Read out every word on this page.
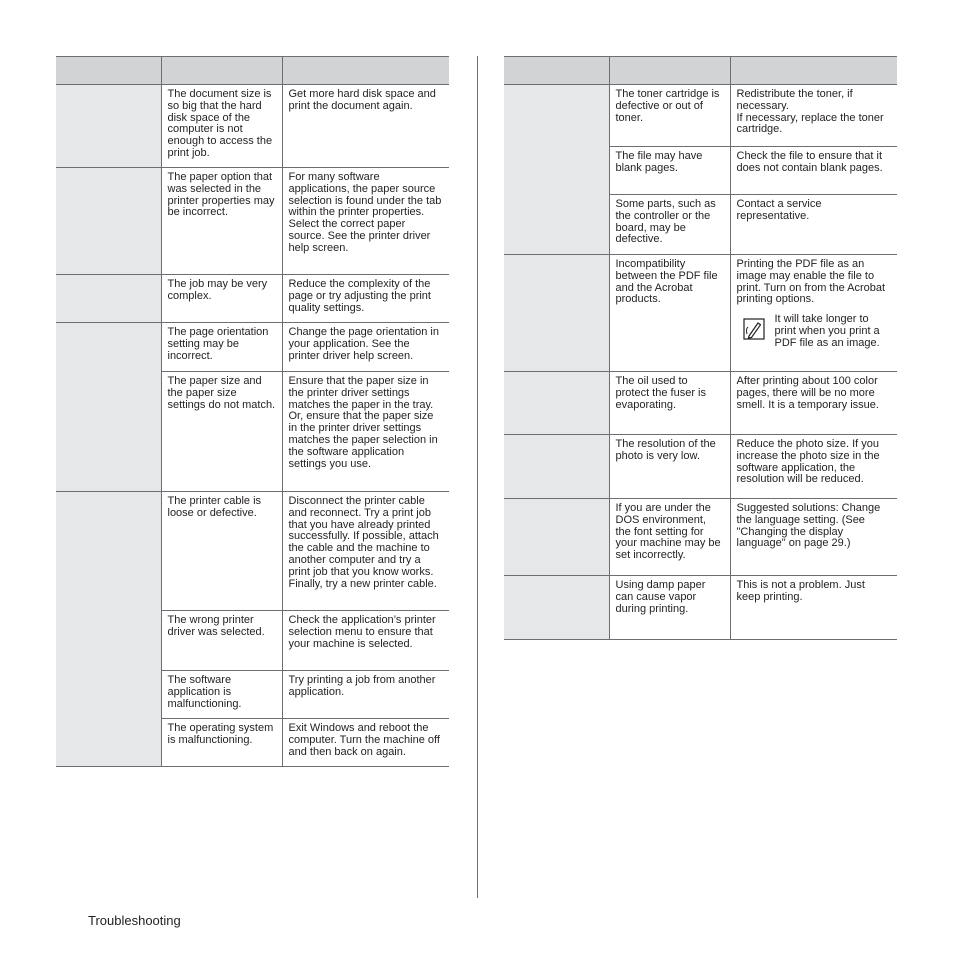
	The document size is so big that the hard disk space of the computer is not enough to access the print job.	Get more hard disk space and print the document again.
	The paper option that was selected in the printer properties may be incorrect.	For many software applications, the paper source selection is found under the tab within the printer properties. Select the correct paper source. See the printer driver help screen.
	The job may be very complex.	Reduce the complexity of the page or try adjusting the print quality settings.
	The page orientation setting may be incorrect.	Change the page orientation in your application. See the printer driver help screen.
	The paper size and the paper size settings do not match.	Ensure that the paper size in the printer driver settings matches the paper in the tray.
Or, ensure that the paper size in the printer driver settings matches the paper selection in the software application settings you use.

	The printer cable is loose or defective.	Disconnect the printer cable and reconnect. Try a print job that you have already printed successfully. If possible, attach the cable and the machine to another computer and try a print job that you know works. Finally, try a new printer cable.
	The wrong printer driver was selected.	Check the application’s printer selection menu to ensure that your machine is selected.
	The software application is malfunctioning.	Try printing a job from another application.
	The operating system is malfunctioning.	Exit Windows and reboot the computer. Turn the machine off and then back on again.

	The toner cartridge is defective or out of toner.	Redistribute the toner, if necessary.
If necessary, replace the toner cartridge.

	The file may have blank pages.	Check the file to ensure that it does not contain blank pages.
	Some parts, such as the controller or the board, may be defective.	Contact a service representative.
	Incompatibility between the PDF file and the Acrobat products.	Printing the PDF file as an image may enable the file to print. Turn on from the Acrobat printing options.
It will take longer to print when you print a PDF file as an image.

	The oil used to protect the fuser is evaporating.	After printing about 100 color pages, there will be no more smell. It is a temporary issue.
	The resolution of the photo is very low.	Reduce the photo size. If you increase the photo size in the software application, the resolution will be reduced.
	If you are under the DOS environment, the font setting for your machine may be set incorrectly.	Suggested solutions: Change the language setting. (See "Changing the display language" on page 29.)
	Using damp paper can cause vapor during printing.	This is not a problem. Just keep printing.
Troubleshooting
